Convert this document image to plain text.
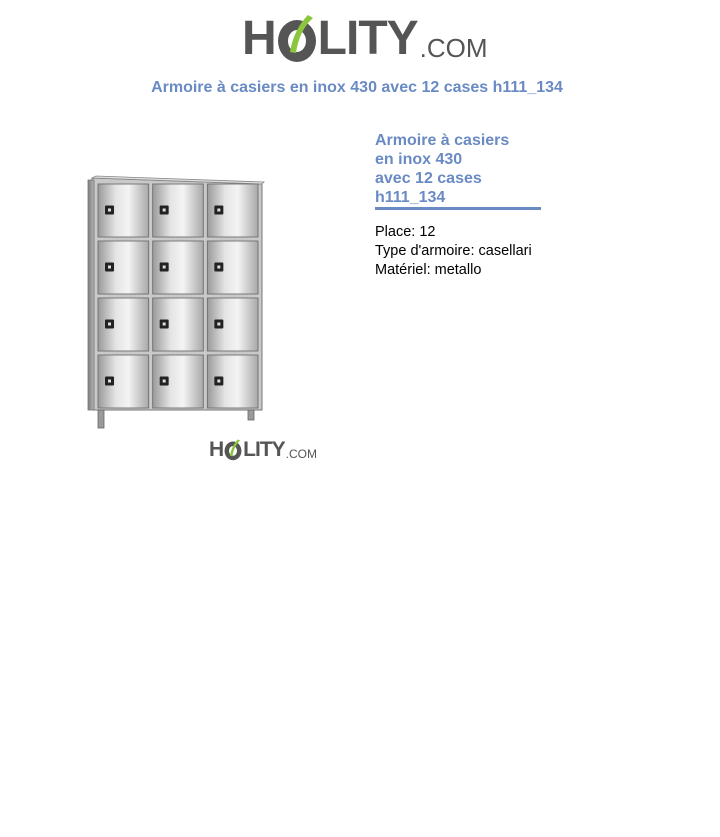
H LITY .COM
Armoire à casiers en inox 430 avec 12 cases h111_134
H LITY .COM
Armoire à casiers
en inox 430
avec 12 cases
h111_134
Place: 12
Type d'armoire: casellari
Matériel: metallo
